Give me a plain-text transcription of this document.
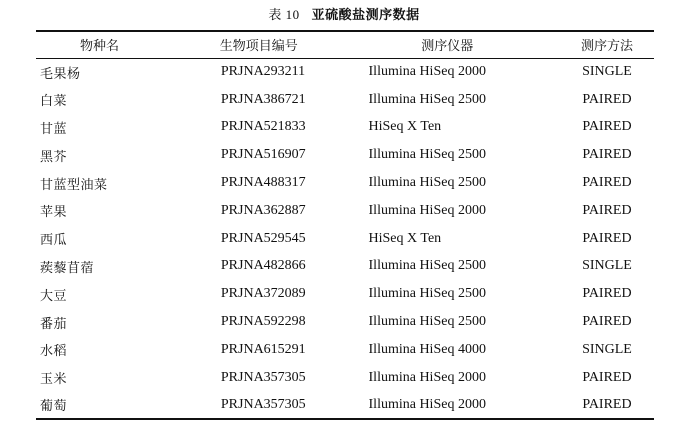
表 10 亚硫酸盐测序数据
物种名	生物项目编号	测序仪器	测序方法
毛果杨	PRJNA293211	Illumina HiSeq 2000	SINGLE
白菜	PRJNA386721	Illumina HiSeq 2500	PAIRED
甘蓝	PRJNA521833	HiSeq X Ten	PAIRED
黑芥	PRJNA516907	Illumina HiSeq 2500	PAIRED
甘蓝型油菜	PRJNA488317	Illumina HiSeq 2500	PAIRED
苹果	PRJNA362887	Illumina HiSeq 2000	PAIRED
西瓜	PRJNA529545	HiSeq X Ten	PAIRED
蒺藜苜蓿	PRJNA482866	Illumina HiSeq 2500	SINGLE
大豆	PRJNA372089	Illumina HiSeq 2500	PAIRED
番茄	PRJNA592298	Illumina HiSeq 2500	PAIRED
水稻	PRJNA615291	Illumina HiSeq 4000	SINGLE
玉米	PRJNA357305	Illumina HiSeq 2000	PAIRED
葡萄	PRJNA357305	Illumina HiSeq 2000	PAIRED
